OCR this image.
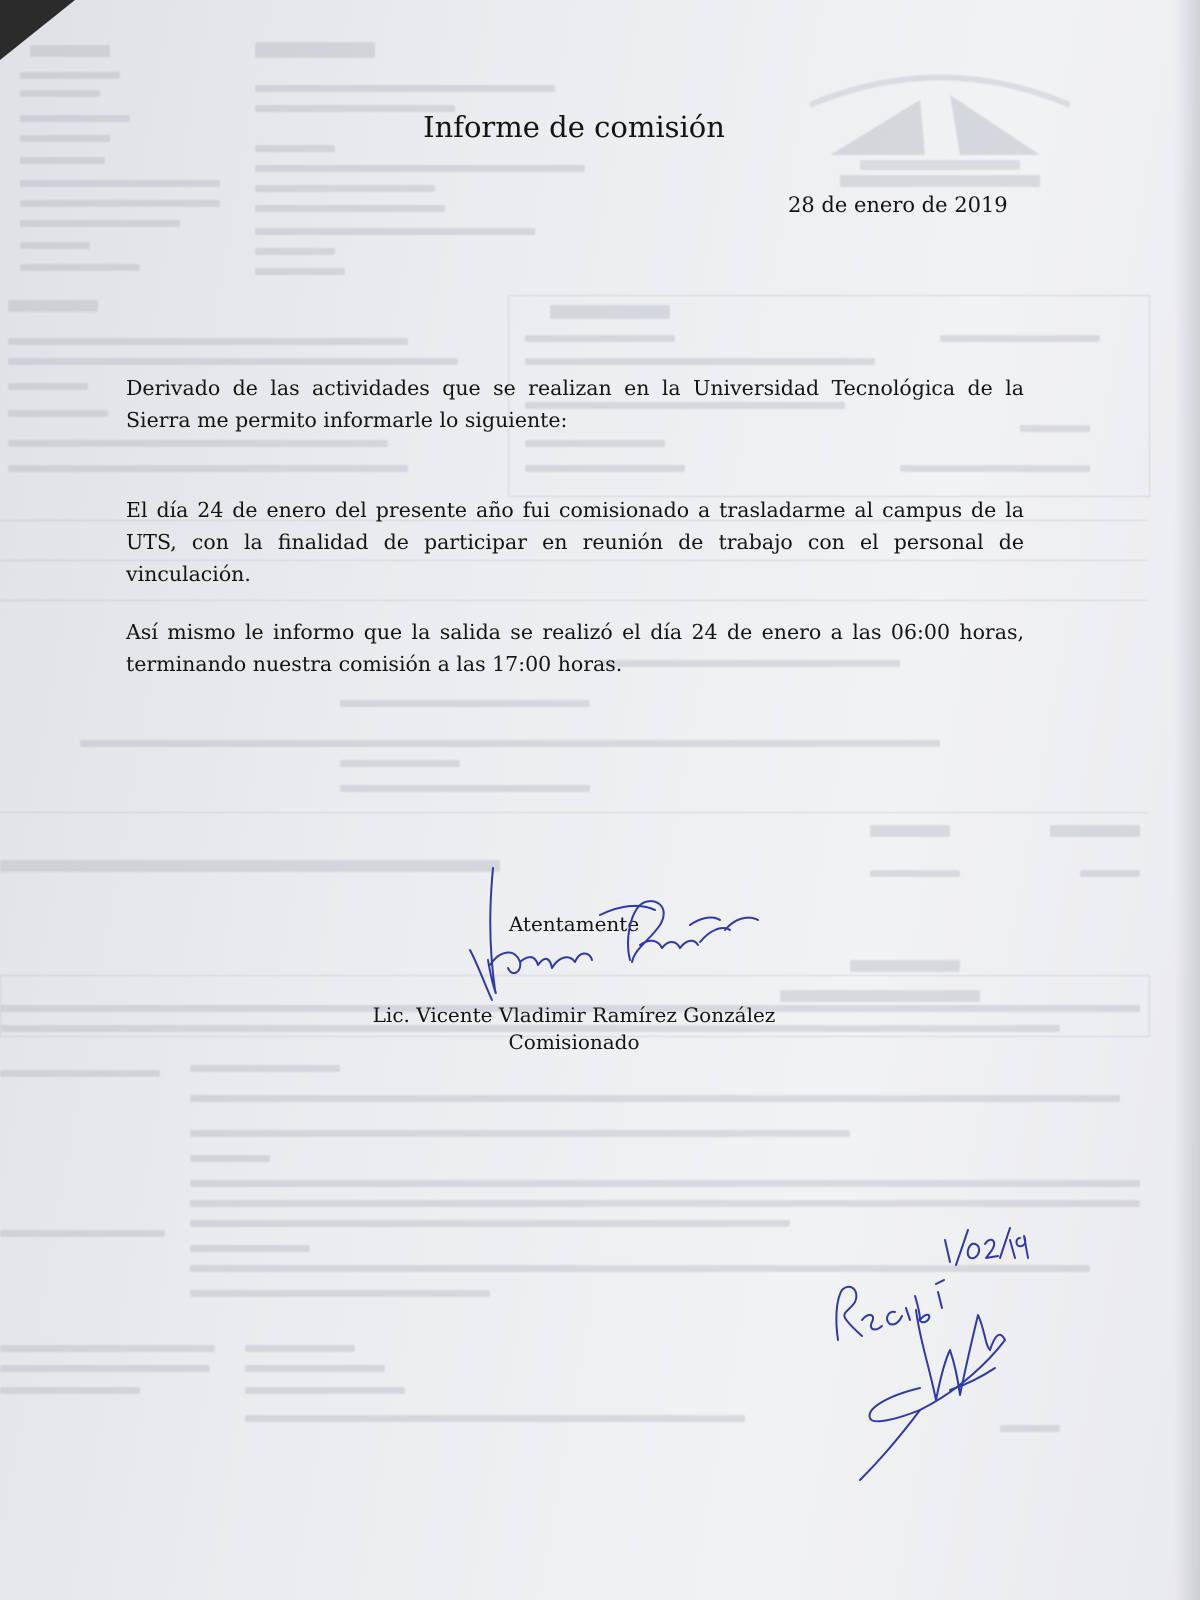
Informe de comisión
28 de enero de 2019
Derivado de las actividades que se realizan en la Universidad Tecnológica de la Sierra me permito informarle lo siguiente:
El día 24 de enero del presente año fui comisionado a trasladarme al campus de la UTS, con la finalidad de participar en reunión de trabajo con el personal de vinculación.
Así mismo le informo que la salida se realizó el día 24 de enero a las 06:00 horas, terminando nuestra comisión a las 17:00 horas.
Atentamente
Lic. Vicente Vladimir Ramírez González
Comisionado
